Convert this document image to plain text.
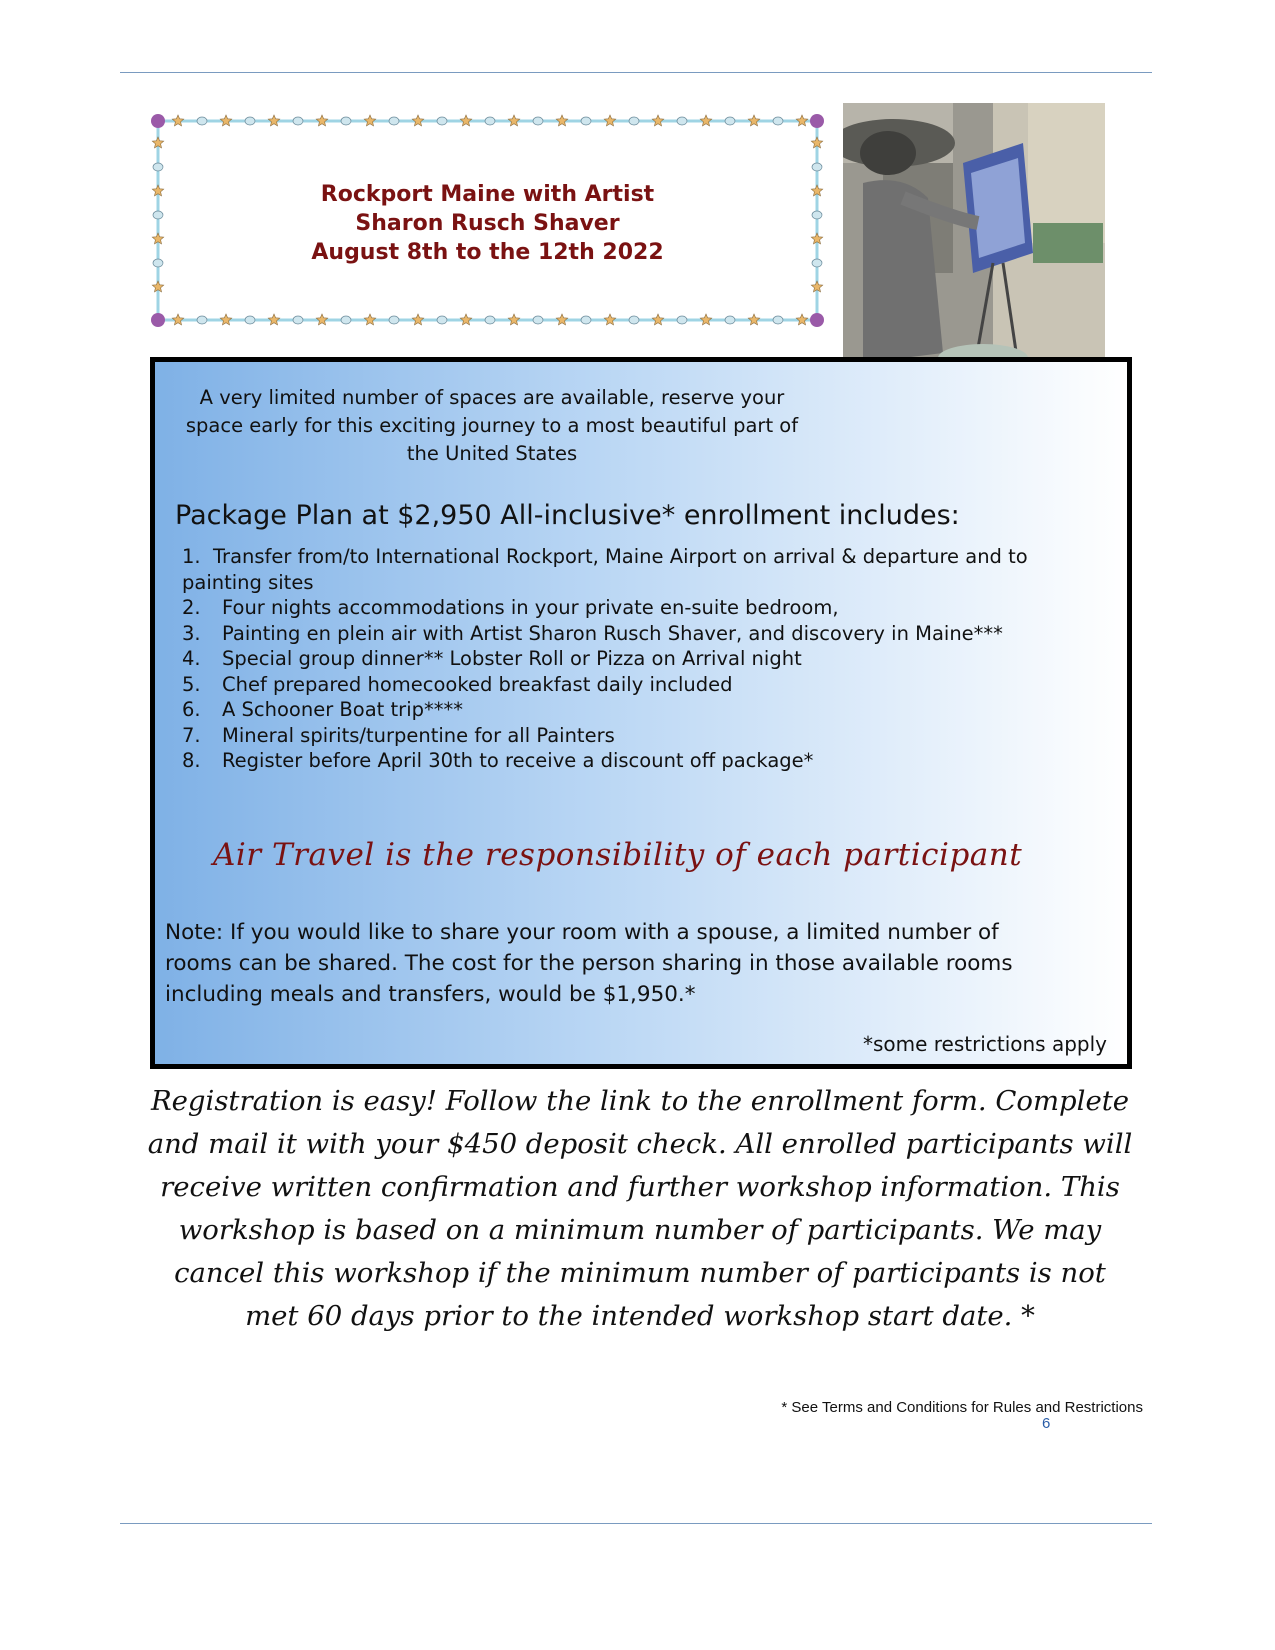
Rockport Maine with Artist
Sharon Rusch Shaver
August 8th to the 12th 2022
A very limited number of spaces are available, reserve your space early for this exciting journey to a most beautiful part of the United States
Package Plan at $2,950 All-inclusive* enrollment includes:
1. Transfer from/to International Rockport, Maine Airport on arrival & departure and to painting sites
2.	Four nights accommodations in your private en-suite bedroom,
3.	Painting en plein air with Artist Sharon Rusch Shaver, and discovery in Maine***
4.	Special group dinner** Lobster Roll or Pizza on Arrival night
5.	Chef prepared homecooked breakfast daily included
6.	A Schooner Boat trip****
7.	Mineral spirits/turpentine for all Painters
8.	Register before April 30th to receive a discount off package*
Air Travel is the responsibility of each participant
Note: If you would like to share your room with a spouse, a limited number of rooms can be shared. The cost for the person sharing in those available rooms including meals and transfers, would be $1,950.*
*some restrictions apply
Registration is easy! Follow the link to the enrollment form. Complete
and mail it with your $450 deposit check. All enrolled participants will
receive written confirmation and further workshop information. This
workshop is based on a minimum number of participants. We may
cancel this workshop if the minimum number of participants is not
met 60 days prior to the intended workshop start date. *
* See Terms and Conditions for Rules and Restrictions
6
